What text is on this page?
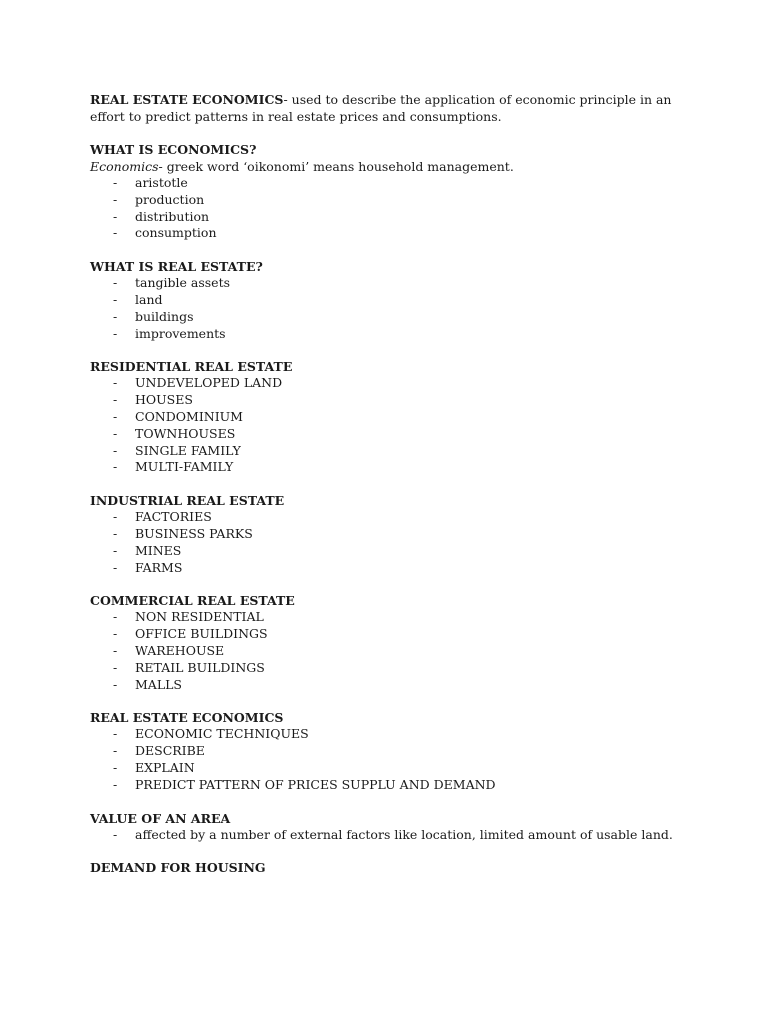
REAL ESTATE ECONOMICS- used to describe the application of economic principle in an effort to predict patterns in real estate prices and consumptions.

WHAT IS ECONOMICS?

Economics- greek word ‘oikonomi’ means household management.

- aristotle
- production
- distribution
- consumption

WHAT IS REAL ESTATE?

- tangible assets
- land
- buildings
- improvements

RESIDENTIAL REAL ESTATE

- UNDEVELOPED LAND
- HOUSES
- CONDOMINIUM
- TOWNHOUSES
- SINGLE FAMILY
- MULTI-FAMILY

INDUSTRIAL REAL ESTATE

- FACTORIES
- BUSINESS PARKS
- MINES
- FARMS

COMMERCIAL REAL ESTATE

- NON RESIDENTIAL
- OFFICE BUILDINGS
- WAREHOUSE
- RETAIL BUILDINGS
- MALLS

REAL ESTATE ECONOMICS

- ECONOMIC TECHNIQUES
- DESCRIBE
- EXPLAIN
- PREDICT PATTERN OF PRICES SUPPLU AND DEMAND

VALUE OF AN AREA

- affected by a number of external factors like location, limited amount of usable land.

DEMAND FOR HOUSING
